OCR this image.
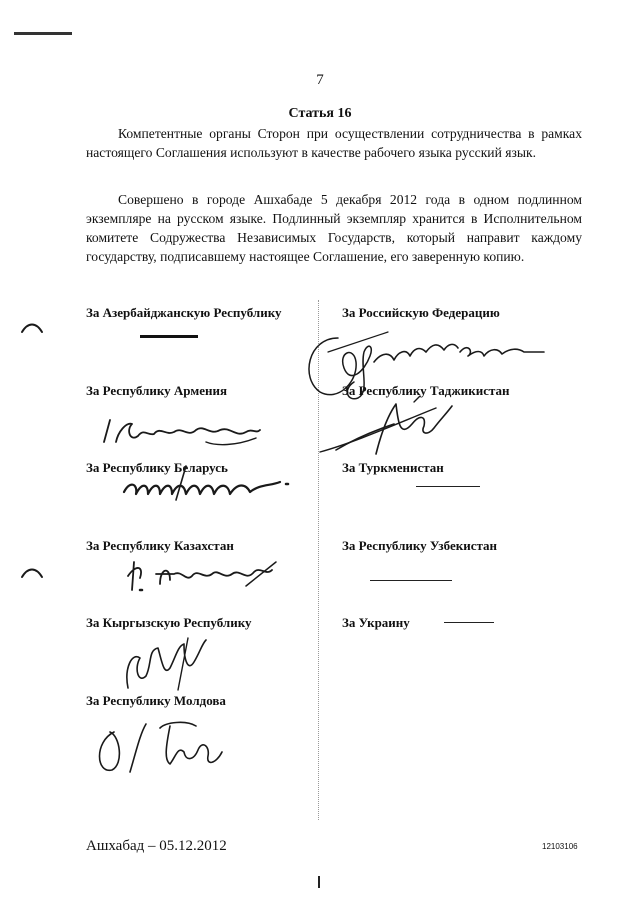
7
Статья 16
Компетентные органы Сторон при осуществлении сотрудничества в рамках настоящего Соглашения используют в качестве рабочего языка русский язык.
Совершено в городе Ашхабаде 5 декабря 2012 года в одном подлинном экземпляре на русском языке. Подлинный экземпляр хранится в Исполнительном комитете Содружества Независимых Государств, который направит каждому государству, подписавшему настоящее Соглашение, его заверенную копию.
За Азербайджанскую Республику
За Республику Армения
За Республику Беларусь
За Республику Казахстан
За Кыргызскую Республику
За Республику Молдова
За Российскую Федерацию
За Республику Таджикистан
За Туркменистан
За Республику Узбекистан
За Украину
Ашхабад – 05.12.2012	12103106
